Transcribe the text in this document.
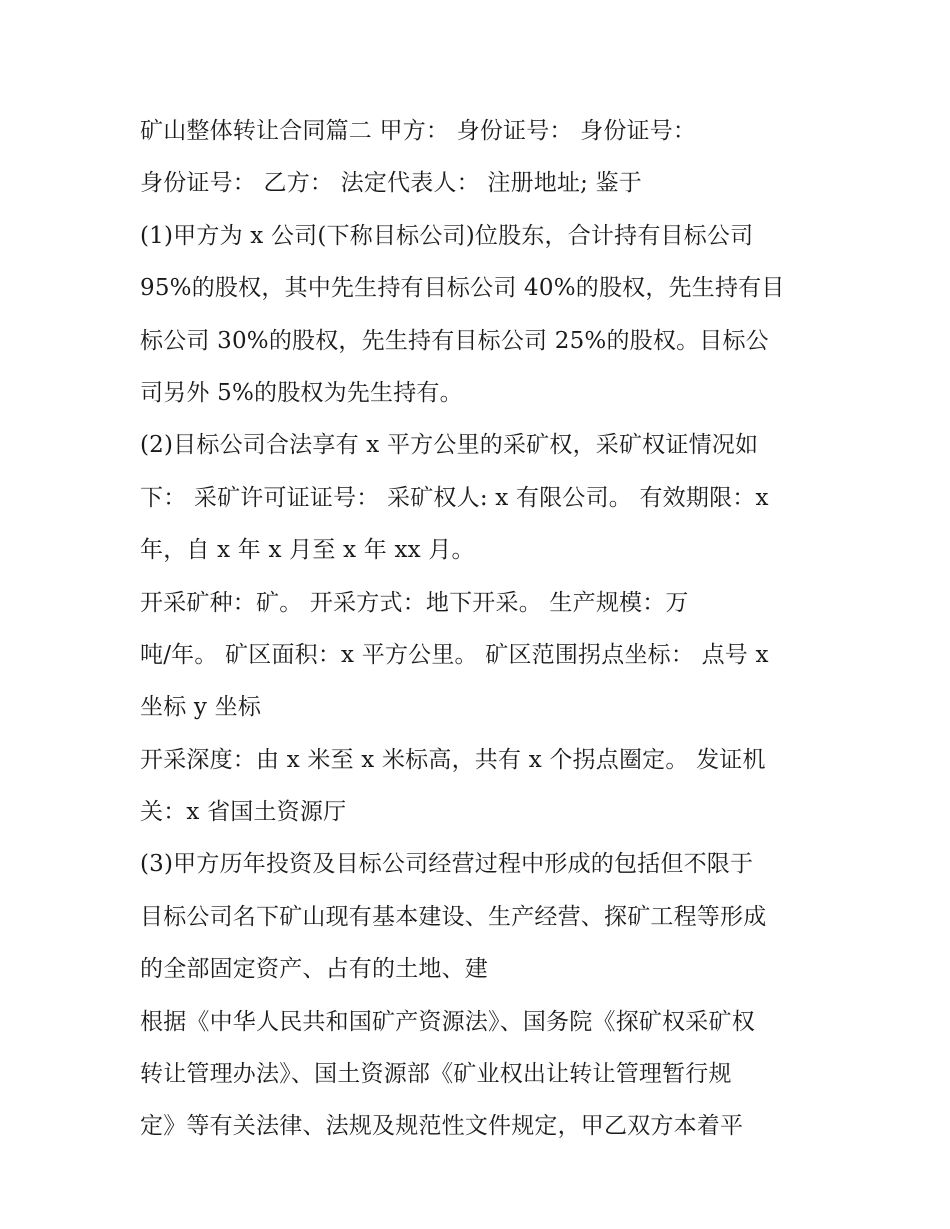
矿山整体转让合同篇二 甲方： 身份证号： 身份证号：
身份证号： 乙方： 法定代表人： 注册地址; 鉴于
(1)甲方为 x 公司(下称目标公司)位股东，合计持有目标公司
95%的股权，其中先生持有目标公司 40%的股权，先生持有目
标公司 30%的股权，先生持有目标公司 25%的股权。目标公
司另外 5%的股权为先生持有。
(2)目标公司合法享有 x 平方公里的采矿权，采矿权证情况如
下： 采矿许可证证号： 采矿权人: x 有限公司。 有效期限：x
年，自 x 年 x 月至 x 年 xx 月。
开采矿种：矿。 开采方式：地下开采。 生产规模：万
吨/年。 矿区面积：x 平方公里。 矿区范围拐点坐标： 点号 x
坐标 y 坐标
开采深度：由 x 米至 x 米标高，共有 x 个拐点圈定。 发证机
关：x 省国土资源厅
(3)甲方历年投资及目标公司经营过程中形成的包括但不限于
目标公司名下矿山现有基本建设、生产经营、探矿工程等形成
的全部固定资产、占有的土地、建
根据《中华人民共和国矿产资源法》、国务院《探矿权采矿权
转让管理办法》、国土资源部《矿业权出让转让管理暂行规
定》等有关法律、法规及规范性文件规定，甲乙双方本着平
